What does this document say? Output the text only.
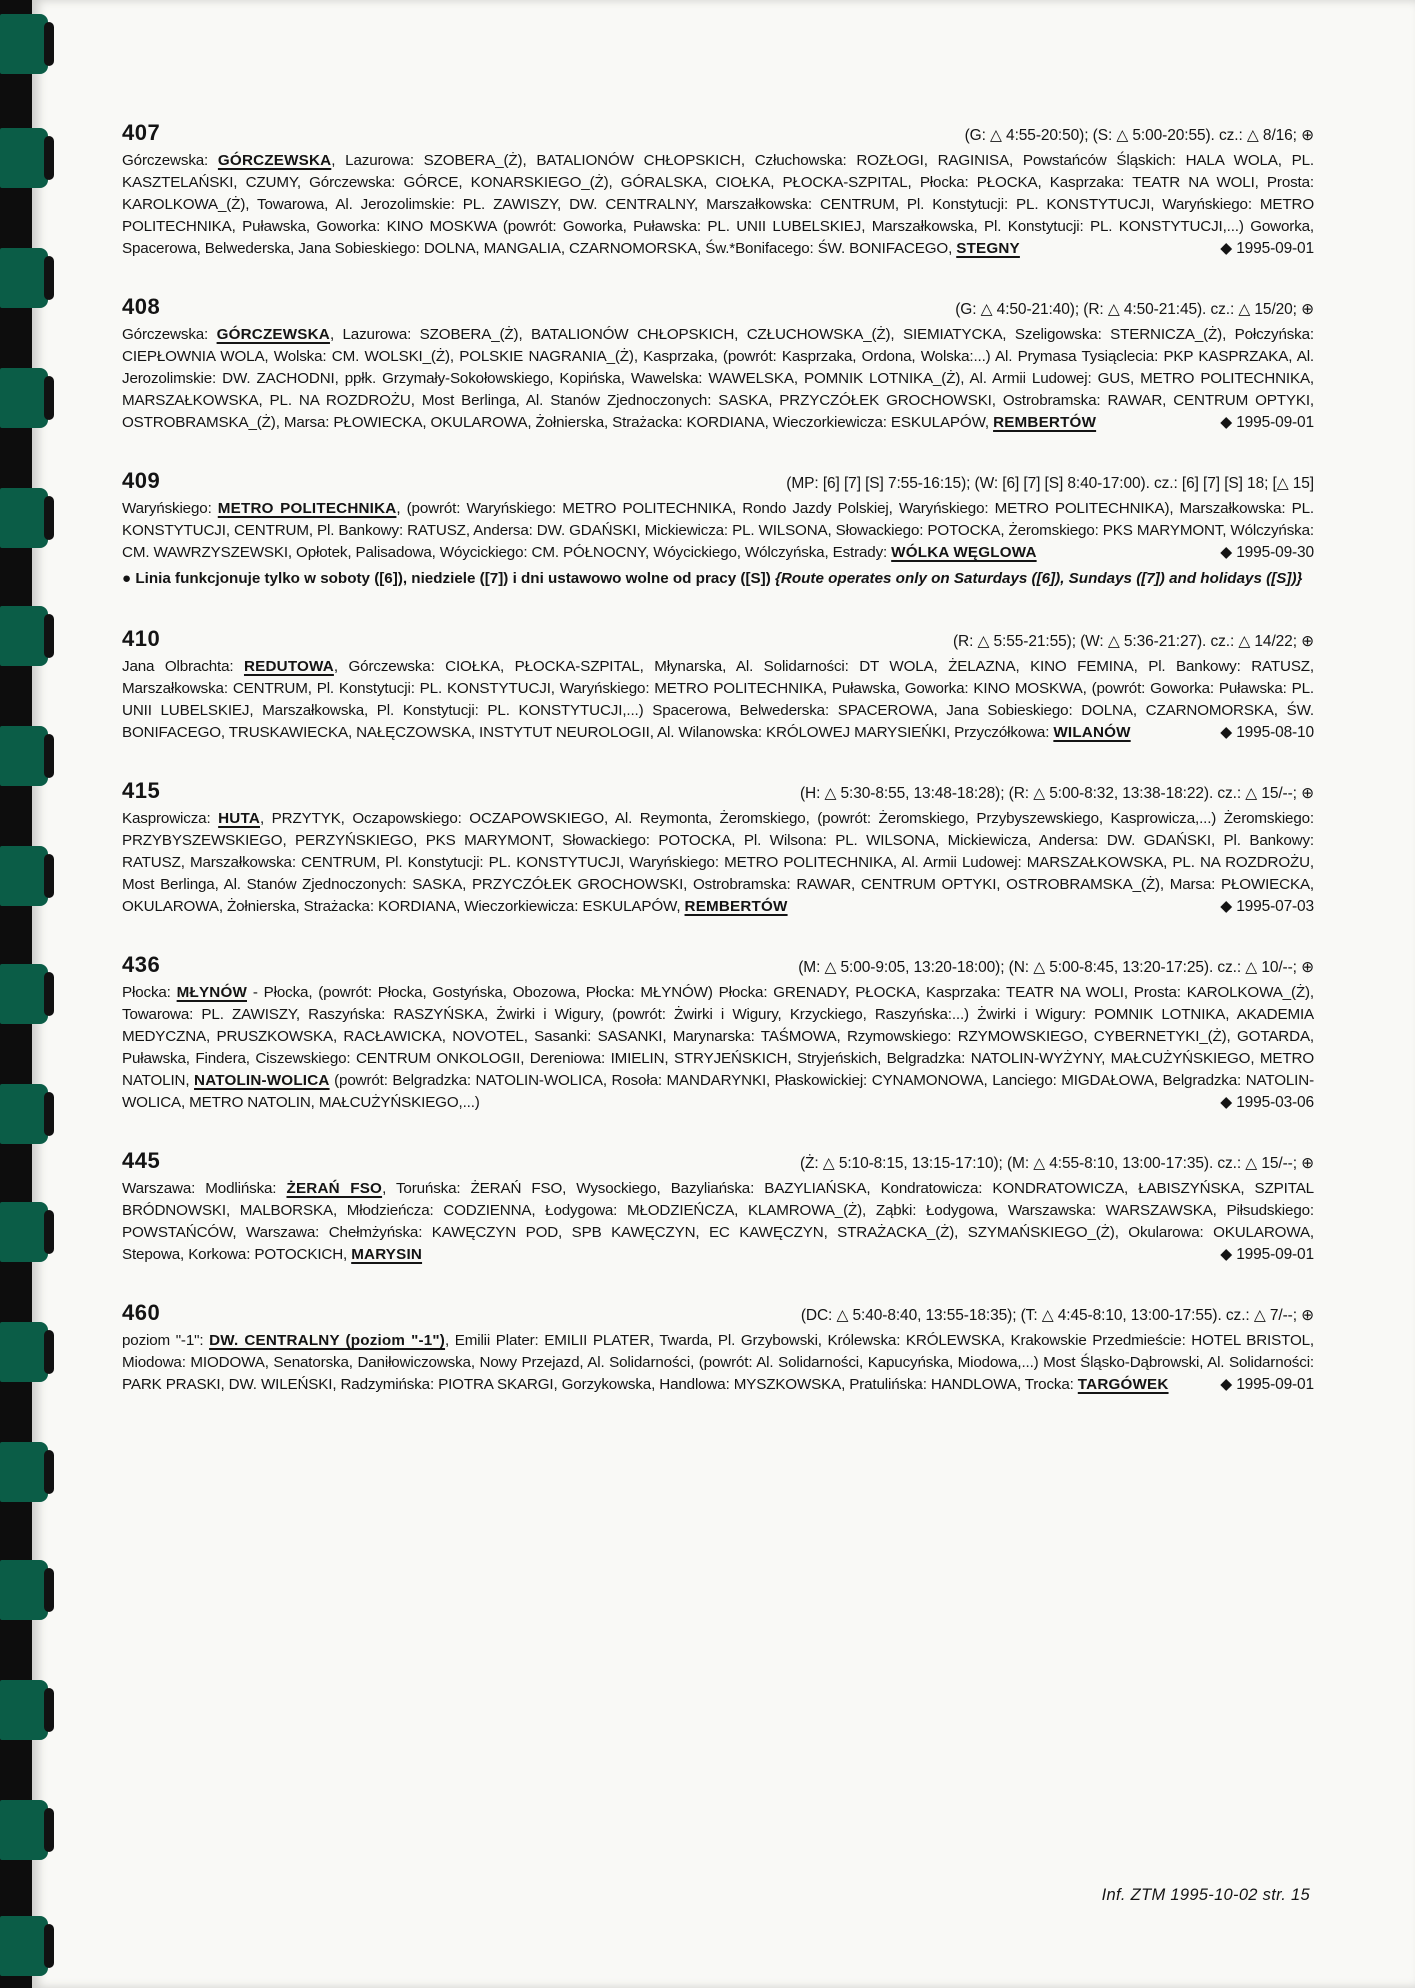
407	(G: △ 4:55-20:50); (S: △ 5:00-20:55). cz.: △ 8/16; ⊕

Górczewska: GÓRCZEWSKA, Lazurowa: SZOBERA_(Ż), BATALIONÓW CHŁOPSKICH, Człuchowska: ROZŁOGI, RAGINISA, Powstańców Śląskich: HALA WOLA, PL. KASZTELAŃSKI, CZUMY, Górczewska: GÓRCE, KONARSKIEGO_(Ż), GÓRALSKA, CIOŁKA, PŁOCKA-SZPITAL, Płocka: PŁOCKA, Kasprzaka: TEATR NA WOLI, Prosta: KAROLKOWA_(Ż), Towarowa, Al. Jerozolimskie: PL. ZAWISZY, DW. CENTRALNY, Marszałkowska: CENTRUM, Pl. Konstytucji: PL. KONSTYTUCJI, Waryńskiego: METRO POLITECHNIKA, Puławska, Goworka: KINO MOSKWA (powrót: Goworka, Puławska: PL. UNII LUBELSKIEJ, Marszałkowska, Pl. Konstytucji: PL. KONSTYTUCJI,...) Goworka, Spacerowa, Belwederska, Jana Sobieskiego: DOLNA, MANGALIA, CZARNOMORSKA, Św.*Bonifacego: ŚW. BONIFACEGO, STEGNY	◆ 1995-09-01

408	(G: △ 4:50-21:40); (R: △ 4:50-21:45). cz.: △ 15/20; ⊕

Górczewska: GÓRCZEWSKA, Lazurowa: SZOBERA_(Ż), BATALIONÓW CHŁOPSKICH, CZŁUCHOWSKA_(Ż), SIEMIATYCKA, Szeligowska: STERNICZA_(Ż), Połczyńska: CIEPŁOWNIA WOLA, Wolska: CM. WOLSKI_(Ż), POLSKIE NAGRANIA_(Ż), Kasprzaka, (powrót: Kasprzaka, Ordona, Wolska:...) Al. Prymasa Tysiąclecia: PKP KASPRZAKA, Al. Jerozolimskie: DW. ZACHODNI, ppłk. Grzymały-Sokołowskiego, Kopińska, Wawelska: WAWELSKA, POMNIK LOTNIKA_(Ż), Al. Armii Ludowej: GUS, METRO POLITECHNIKA, MARSZAŁKOWSKA, PL. NA ROZDROŻU, Most Berlinga, Al. Stanów Zjednoczonych: SASKA, PRZYCZÓŁEK GROCHOWSKI, Ostrobramska: RAWAR, CENTRUM OPTYKI, OSTROBRAMSKA_(Ż), Marsa: PŁOWIECKA, OKULAROWA, Żołnierska, Strażacka: KORDIANA, Wieczorkiewicza: ESKULAPÓW, REMBERTÓW	◆ 1995-09-01

409	(MP: [6] [7] [S] 7:55-16:15); (W: [6] [7] [S] 8:40-17:00). cz.: [6] [7] [S] 18; [△ 15]

Waryńskiego: METRO POLITECHNIKA, (powrót: Waryńskiego: METRO POLITECHNIKA, Rondo Jazdy Polskiej, Waryńskiego: METRO POLITECHNIKA), Marszałkowska: PL. KONSTYTUCJI, CENTRUM, Pl. Bankowy: RATUSZ, Andersa: DW. GDAŃSKI, Mickiewicza: PL. WILSONA, Słowackiego: POTOCKA, Żeromskiego: PKS MARYMONT, Wólczyńska: CM. WAWRZYSZEWSKI, Opłotek, Palisadowa, Wóycickiego: CM. PÓŁNOCNY, Wóycickiego, Wólczyńska, Estrady: WÓLKA WĘGLOWA	◆ 1995-09-30

● Linia funkcjonuje tylko w soboty ([6]), niedziele ([7]) i dni ustawowo wolne od pracy ([S]) {Route operates only on Saturdays ([6]), Sundays ([7]) and holidays ([S])}

410	(R: △ 5:55-21:55); (W: △ 5:36-21:27). cz.: △ 14/22; ⊕

Jana Olbrachta: REDUTOWA, Górczewska: CIOŁKA, PŁOCKA-SZPITAL, Młynarska, Al. Solidarności: DT WOLA, ŻELAZNA, KINO FEMINA, Pl. Bankowy: RATUSZ, Marszałkowska: CENTRUM, Pl. Konstytucji: PL. KONSTYTUCJI, Waryńskiego: METRO POLITECHNIKA, Puławska, Goworka: KINO MOSKWA, (powrót: Goworka: Puławska: PL. UNII LUBELSKIEJ, Marszałkowska, Pl. Konstytucji: PL. KONSTYTUCJI,...) Spacerowa, Belwederska: SPACEROWA, Jana Sobieskiego: DOLNA, CZARNOMORSKA, ŚW. BONIFACEGO, TRUSKAWIECKA, NAŁĘCZOWSKA, INSTYTUT NEUROLOGII, Al. Wilanowska: KRÓLOWEJ MARYSIEŃKI, Przyczółkowa: WILANÓW	◆ 1995-08-10

415	(H: △ 5:30-8:55, 13:48-18:28); (R: △ 5:00-8:32, 13:38-18:22). cz.: △ 15/--; ⊕

Kasprowicza: HUTA, PRZYTYK, Oczapowskiego: OCZAPOWSKIEGO, Al. Reymonta, Żeromskiego, (powrót: Żeromskiego, Przybyszewskiego, Kasprowicza,...) Żeromskiego: PRZYBYSZEWSKIEGO, PERZYŃSKIEGO, PKS MARYMONT, Słowackiego: POTOCKA, Pl. Wilsona: PL. WILSONA, Mickiewicza, Andersa: DW. GDAŃSKI, Pl. Bankowy: RATUSZ, Marszałkowska: CENTRUM, Pl. Konstytucji: PL. KONSTYTUCJI, Waryńskiego: METRO POLITECHNIKA, Al. Armii Ludowej: MARSZAŁKOWSKA, PL. NA ROZDROŻU, Most Berlinga, Al. Stanów Zjednoczonych: SASKA, PRZYCZÓŁEK GROCHOWSKI, Ostrobramska: RAWAR, CENTRUM OPTYKI, OSTROBRAMSKA_(Ż), Marsa: PŁOWIECKA, OKULAROWA, Żołnierska, Strażacka: KORDIANA, Wieczorkiewicza: ESKULAPÓW, REMBERTÓW	◆ 1995-07-03

436	(M: △ 5:00-9:05, 13:20-18:00); (N: △ 5:00-8:45, 13:20-17:25). cz.: △ 10/--; ⊕

Płocka: MŁYNÓW - Płocka, (powrót: Płocka, Gostyńska, Obozowa, Płocka: MŁYNÓW) Płocka: GRENADY, PŁOCKA, Kasprzaka: TEATR NA WOLI, Prosta: KAROLKOWA_(Ż), Towarowa: PL. ZAWISZY, Raszyńska: RASZYŃSKA, Żwirki i Wigury, (powrót: Żwirki i Wigury, Krzyckiego, Raszyńska:...) Żwirki i Wigury: POMNIK LOTNIKA, AKADEMIA MEDYCZNA, PRUSZKOWSKA, RACŁAWICKA, NOVOTEL, Sasanki: SASANKI, Marynarska: TAŚMOWA, Rzymowskiego: RZYMOWSKIEGO, CYBERNETYKI_(Ż), GOTARDA, Puławska, Findera, Ciszewskiego: CENTRUM ONKOLOGII, Dereniowa: IMIELIN, STRYJEŃSKICH, Stryjeńskich, Belgradzka: NATOLIN-WYŻYNY, MAŁCUŻYŃSKIEGO, METRO NATOLIN, NATOLIN-WOLICA (powrót: Belgradzka: NATOLIN-WOLICA, Rosoła: MANDARYNKI, Płaskowickiej: CYNAMONOWA, Lanciego: MIGDAŁOWA, Belgradzka: NATOLIN-WOLICA, METRO NATOLIN, MAŁCUŻYŃSKIEGO,...)	◆ 1995-03-06

445	(Ż: △ 5:10-8:15, 13:15-17:10); (M: △ 4:55-8:10, 13:00-17:35). cz.: △ 15/--; ⊕

Warszawa: Modlińska: ŻERAŃ FSO, Toruńska: ŻERAŃ FSO, Wysockiego, Bazyliańska: BAZYLIAŃSKA, Kondratowicza: KONDRATOWICZA, ŁABISZYŃSKA, SZPITAL BRÓDNOWSKI, MALBORSKA, Młodzieńcza: CODZIENNA, Łodygowa: MŁODZIEŃCZA, KLAMROWA_(Ż), Ząbki: Łodygowa, Warszawska: WARSZAWSKA, Piłsudskiego: POWSTAŃCÓW, Warszawa: Chełmżyńska: KAWĘCZYN POD, SPB KAWĘCZYN, EC KAWĘCZYN, STRAŻACKA_(Ż), SZYMAŃSKIEGO_(Ż), Okularowa: OKULAROWA, Stepowa, Korkowa: POTOCKICH, MARYSIN	◆ 1995-09-01

460	(DC: △ 5:40-8:40, 13:55-18:35); (T: △ 4:45-8:10, 13:00-17:55). cz.: △ 7/--; ⊕

poziom "-1": DW. CENTRALNY (poziom "-1"), Emilii Plater: EMILII PLATER, Twarda, Pl. Grzybowski, Królewska: KRÓLEWSKA, Krakowskie Przedmieście: HOTEL BRISTOL, Miodowa: MIODOWA, Senatorska, Daniłowiczowska, Nowy Przejazd, Al. Solidarności, (powrót: Al. Solidarności, Kapucyńska, Miodowa,...) Most Śląsko-Dąbrowski, Al. Solidarności: PARK PRASKI, DW. WILEŃSKI, Radzymińska: PIOTRA SKARGI, Gorzykowska, Handlowa: MYSZKOWSKA, Pratulińska: HANDLOWA, Trocka: TARGÓWEK	◆ 1995-09-01

Inf. ZTM 1995-10-02 str. 15
